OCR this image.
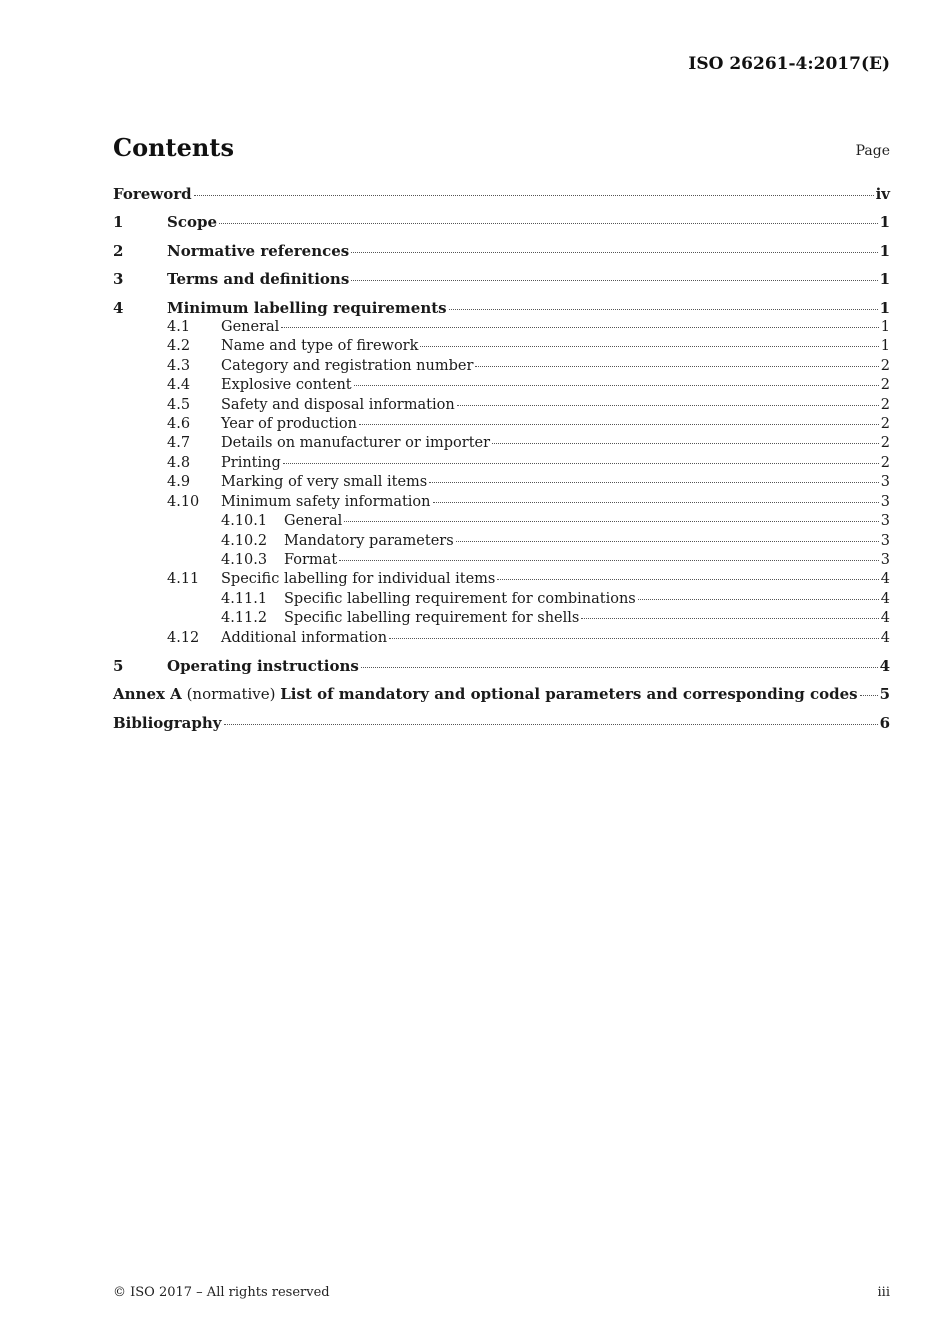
ISO 26261-4:2017(E)
Contents	Page
Foreword	iv
1	Scope	1
2	Normative references	1
3	Terms and definitions	1
4	Minimum labelling requirements	1
4.1	General	1
4.2	Name and type of firework	1
4.3	Category and registration number	2
4.4	Explosive content	2
4.5	Safety and disposal information	2
4.6	Year of production	2
4.7	Details on manufacturer or importer	2
4.8	Printing	2
4.9	Marking of very small items	3
4.10	Minimum safety information	3
4.10.1	General	3
4.10.2	Mandatory parameters	3
4.10.3	Format	3
4.11	Specific labelling for individual items	4
4.11.1	Specific labelling requirement for combinations	4
4.11.2	Specific labelling requirement for shells	4
4.12	Additional information	4
5	Operating instructions	4
Annex A (normative) List of mandatory and optional parameters and corresponding codes 5
Bibliography	6
© ISO 2017 – All rights reserved	iii
